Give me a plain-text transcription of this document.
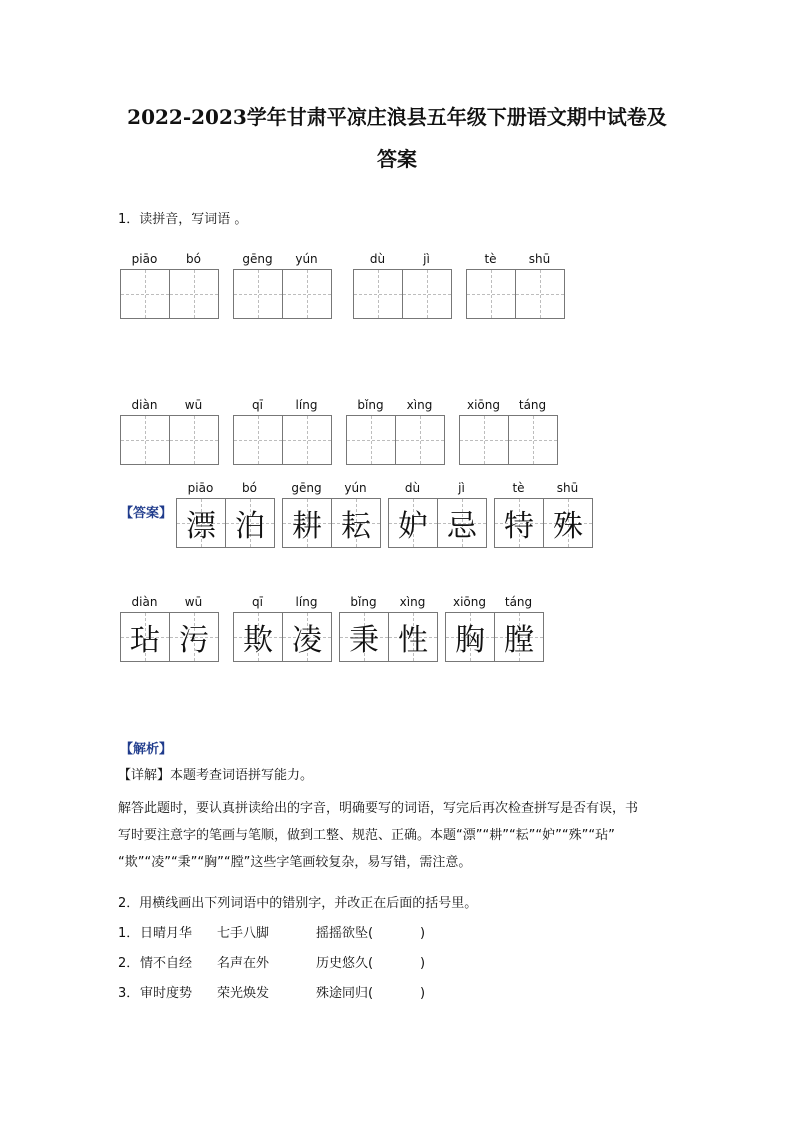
2022-2023学年甘肃平凉庄浪县五年级下册语文期中试卷及
答案
1．读拼音，写词语 。
piāo	bó	gēng	yún	dù	jì	tè	shū
diàn	wū	qī	líng	bǐng	xìng	xiōng	táng
【答案】
piāo	bó
漂 泊
gēng	yún
耕 耘
dù	jì
妒 忌
tè	shū
特 殊
diàn	wū
玷 污
qī	líng
欺 凌
bǐng	xìng
秉 性
xiōng	táng
胸 膛
【解析】
【详解】本题考查词语拼写能力。
解答此题时，要认真拼读给出的字音，明确要写的词语，写完后再次检查拼写是否有误，书
写时要注意字的笔画与笔顺，做到工整、规范、正确。本题“漂”“耕”“耘”“妒”“殊”“玷”
“欺”“凌”“秉”“胸”“膛”这些字笔画较复杂，易写错，需注意。
2．用横线画出下列词语中的错别字，并改正在后面的括号里。
1． 日晴月华 七手八脚	摇摇欲坠(	)
2． 情不自经 名声在外	历史悠久(	)
3． 审时度势 荣光焕发	殊途同归(	)
